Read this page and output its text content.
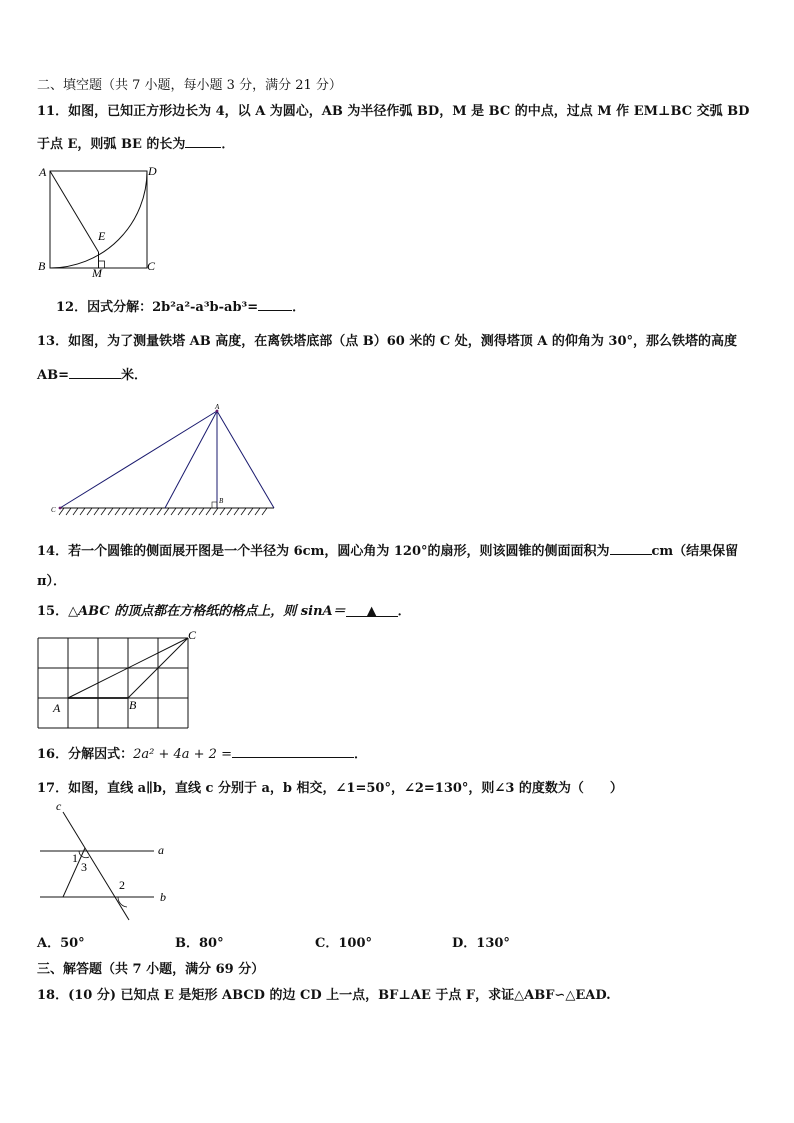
二、填空题（共 7 小题，每小题 3 分，满分 21 分）
11．如图，已知正方形边长为 4，以 A 为圆心，AB 为半径作弧 BD，M 是 BC 的中点，过点 M 作 EM⊥BC 交弧 BD
于点 E，则弧 BE 的长为	．
A	D
B	C
E
M
12．因式分解：2b²a²-a³b-ab³=	．
13．如图，为了测量铁塔 AB 高度，在离铁塔底部（点 B）60 米的 C 处，测得塔顶 A 的仰角为 30°，那么铁塔的高度
AB=	米．
A
B
C
14．若一个圆锥的侧面展开图是一个半径为 6cm，圆心角为 120°的扇形，则该圆锥的侧面面积为	cm（结果保留
π）．
15．△ABC 的顶点都在方格纸的格点上，则 sinA＝ ▲ ．
A	B
C
16．分解因式：2a² + 4a + 2 =	．
17．如图，直线 a∥b，直线 c 分别于 a，b 相交，∠1=50°，∠2=130°，则∠3 的度数为（　　）
c
a
b
1
3
2
A．50°	B．80°	C．100°	D．130°
三、解答题（共 7 小题，满分 69 分）
18．(10 分) 已知点 E 是矩形 ABCD 的边 CD 上一点，BF⊥AE 于点 F，求证△ABF∽△EAD.
